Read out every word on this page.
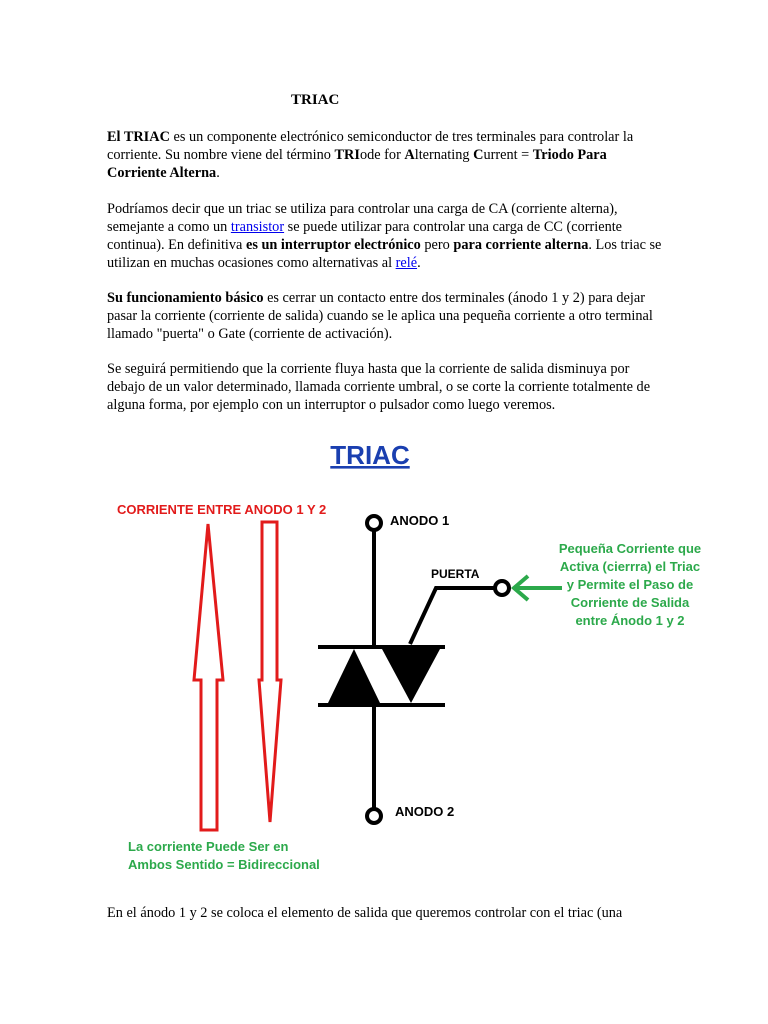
TRIAC

El TRIAC es un componente electrónico semiconductor de tres terminales para controlar la corriente. Su nombre viene del término TRIode for Alternating Current = Triodo Para Corriente Alterna.

Podríamos decir que un triac se utiliza para controlar una carga de CA (corriente alterna), semejante a como un transistor se puede utilizar para controlar una carga de CC (corriente continua). En definitiva es un interruptor electrónico pero para corriente alterna. Los triac se utilizan en muchas ocasiones como alternativas al relé.

Su funcionamiento básico es cerrar un contacto entre dos terminales (ánodo 1 y 2) para dejar pasar la corriente (corriente de salida) cuando se le aplica una pequeña corriente a otro terminal llamado "puerta" o Gate (corriente de activación).

Se seguirá permitiendo que la corriente fluya hasta que la corriente de salida disminuya por debajo de un valor determinado, llamada corriente umbral, o se corte la corriente totalmente de alguna forma, por ejemplo con un interruptor o pulsador como luego veremos.

TRIAC
CORRIENTE ENTRE ANODO 1 Y 2
ANODO 1
ANODO 2
PUERTA
Pequeña Corriente que
Activa (cierrra) el Triac
y Permite el Paso de
Corriente de Salida
entre Ánodo 1 y 2
La corriente Puede Ser en
Ambos Sentido = Bidireccional

En el ánodo 1 y 2 se coloca el elemento de salida que queremos controlar con el triac (una
